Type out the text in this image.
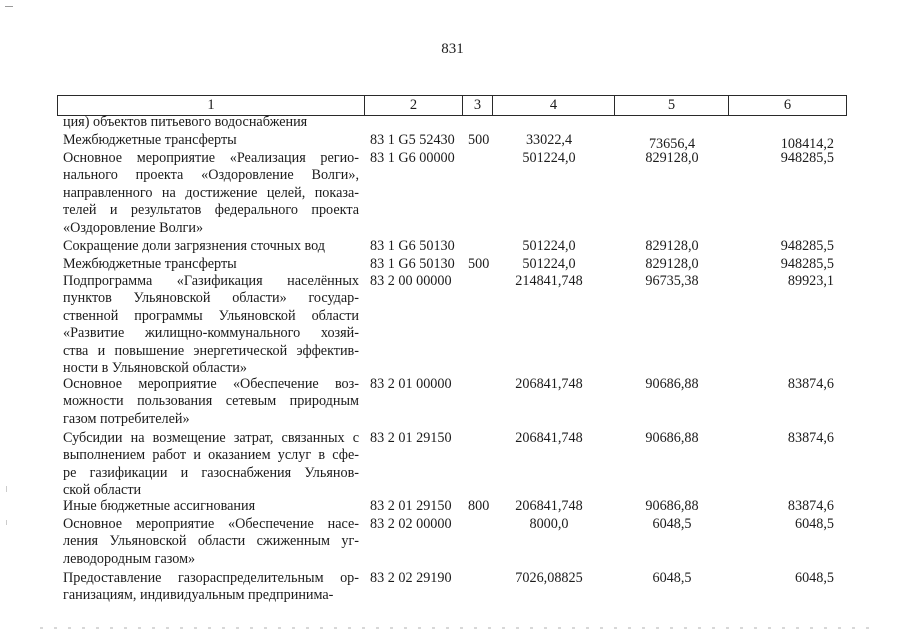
831
1	2	3	4	5	6
ция) объектов питьевого водоснабжения
Межбюджетные трансферты	83 1 G5 52430 500	33022,4	73656,4	108414,2
Основное мероприятие «Реализация регио-
нального проекта «Оздоровление Волги»,
направленного на достижение целей, показа-
телей и результатов федерального проекта
«Оздоровление Волги»
83 1 G6 00000	501224,0	829128,0	948285,5
Сокращение доли загрязнения сточных вод	83 1 G6 50130	501224,0	829128,0	948285,5
Межбюджетные трансферты	83 1 G6 50130 500	501224,0	829128,0	948285,5
Подпрограмма «Газификация населённых
пунктов Ульяновской области» государ-
ственной программы Ульяновской области
«Развитие жилищно-коммунального хозяй-
ства и повышение энергетической эффектив-
ности в Ульяновской области»
83 2 00 00000	214841,748	96735,38	89923,1
Основное мероприятие «Обеспечение воз-
можности пользования сетевым природным
газом потребителей»
83 2 01 00000	206841,748	90686,88	83874,6
Субсидии на возмещение затрат, связанных с
выполнением работ и оказанием услуг в сфе-
ре газификации и газоснабжения Ульянов-
ской области
83 2 01 29150	206841,748	90686,88	83874,6
Иные бюджетные ассигнования	83 2 01 29150 800	206841,748	90686,88	83874,6
Основное мероприятие «Обеспечение насе-
ления Ульяновской области сжиженным уг-
леводородным газом»
83 2 02 00000	8000,0	6048,5	6048,5
Предоставление газораспределительным ор-
ганизациям, индивидуальным предпринима-
83 2 02 29190	7026,08825	6048,5	6048,5
